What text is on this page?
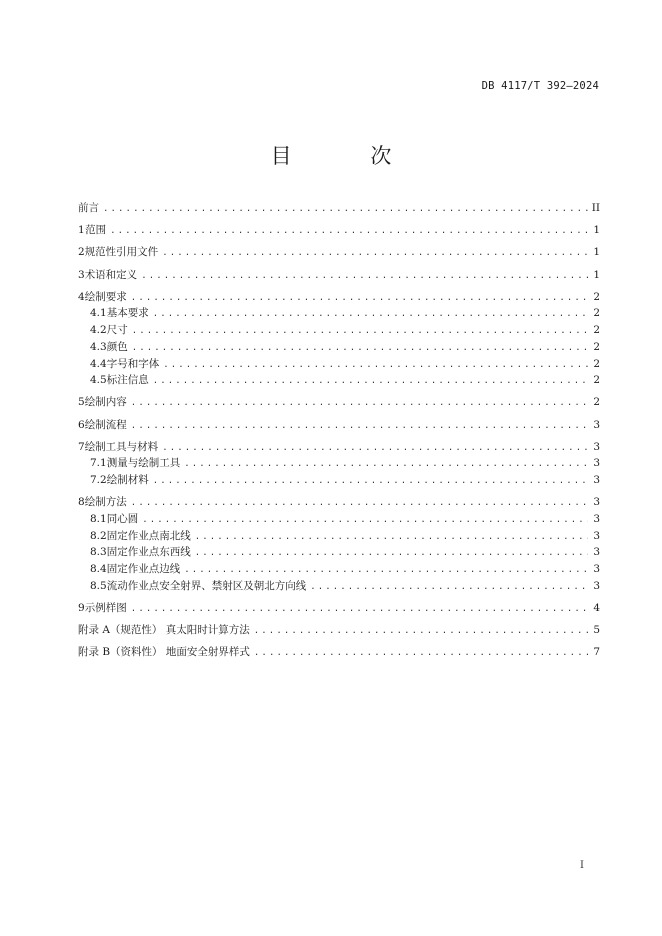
DB 4117/T 392—2024
目 次
前言 .....	II
1 范围 .....	1
2 规范性引用文件 .....	1
3 术语和定义 .....	1
4 绘制要求 .....	2
4.1 基本要求 .....	2
4.2 尺寸 .....	2
4.3 颜色 .....	2
4.4 字号和字体 .....	2
4.5 标注信息 .....	2
5 绘制内容 .....	2
6 绘制流程 .....	3
7 绘制工具与材料 .....	3
7.1 测量与绘制工具 .....	3
7.2 绘制材料 .....	3
8 绘制方法 .....	3
8.1 同心圆 .....	3
8.2 固定作业点南北线 .....	3
8.3 固定作业点东西线 .....	3
8.4 固定作业点边线 .....	3
8.5 流动作业点安全射界、禁射区及朝北方向线 .....	3
9 示例样图 .....	4
附录 A（规范性） 真太阳时计算方法 .....	5
附录 B（资料性） 地面安全射界样式 .....	7
I
